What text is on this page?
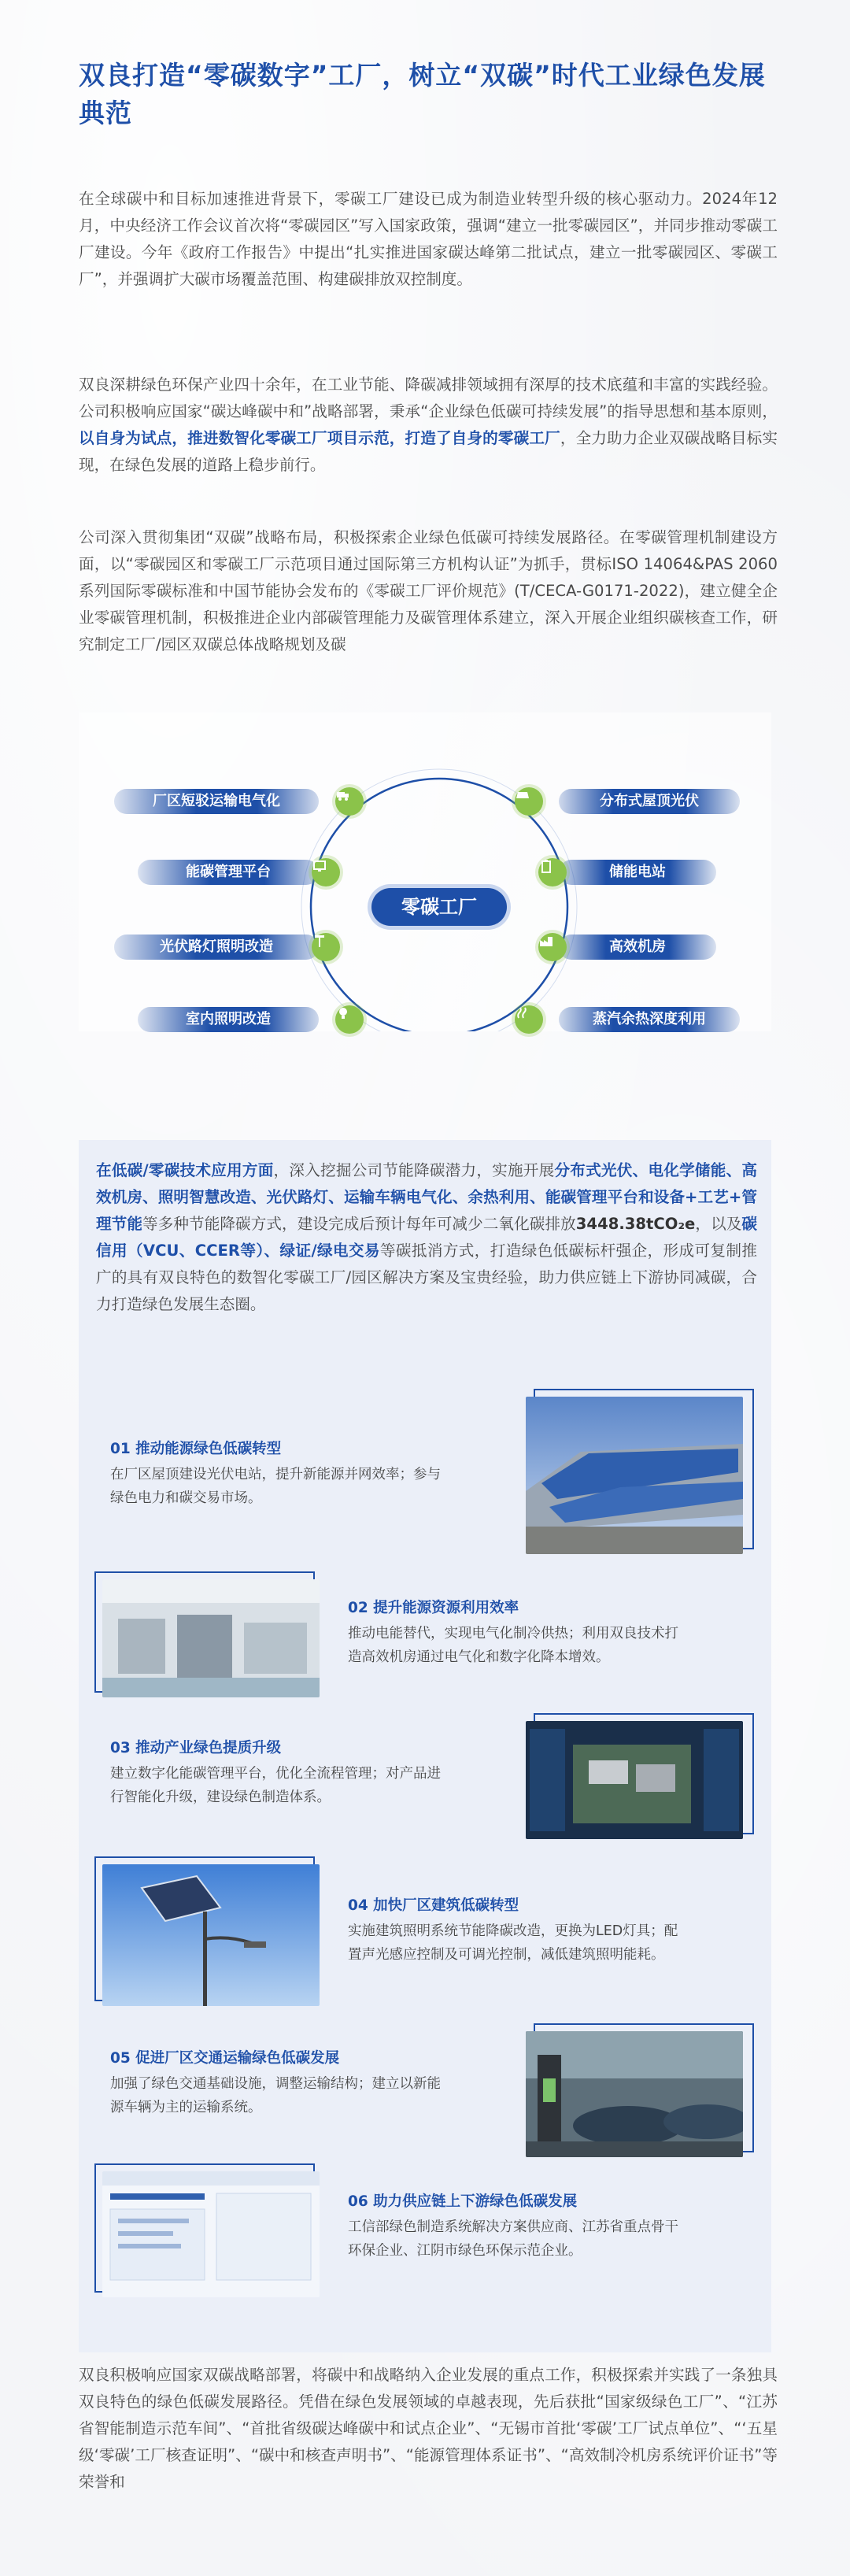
双良打造“零碳数字”工厂，树立“双碳”时代工业绿色发展典范
在全球碳中和目标加速推进背景下，零碳工厂建设已成为制造业转型升级的核心驱动力。2024年12月，中央经济工作会议首次将“零碳园区”写入国家政策，强调“建立一批零碳园区”，并同步推动零碳工厂建设。今年《政府工作报告》中提出“扎实推进国家碳达峰第二批试点，建立一批零碳园区、零碳工厂”，并强调扩大碳市场覆盖范围、构建碳排放双控制度。
双良深耕绿色环保产业四十余年，在工业节能、降碳减排领域拥有深厚的技术底蕴和丰富的实践经验。公司积极响应国家“碳达峰碳中和”战略部署，秉承“企业绿色低碳可持续发展”的指导思想和基本原则，以自身为试点，推进数智化零碳工厂项目示范，打造了自身的零碳工厂，全力助力企业双碳战略目标实现，在绿色发展的道路上稳步前行。
公司深入贯彻集团“双碳”战略布局，积极探索企业绿色低碳可持续发展路径。在零碳管理机制建设方面，以“零碳园区和零碳工厂示范项目通过国际第三方机构认证”为抓手，贯标ISO 14064&PAS 2060系列国际零碳标准和中国节能协会发布的《零碳工厂评价规范》(T/CECA-G0171-2022)，建立健全企业零碳管理机制，积极推进企业内部碳管理能力及碳管理体系建立，深入开展企业组织碳核查工作，研究制定工厂/园区双碳总体战略规划及碳
厂区短驳运输电气化
能碳管理平台
光伏路灯照明改造
室内照明改造
分布式屋顶光伏
储能电站
高效机房
蒸汽余热深度利用
零碳工厂
在低碳/零碳技术应用方面，深入挖掘公司节能降碳潜力，实施开展分布式光伏、电化学储能、高效机房、照明智慧改造、光伏路灯、运输车辆电气化、余热利用、能碳管理平台和设备+工艺+管理节能等多种节能降碳方式，建设完成后预计每年可减少二氧化碳排放3448.38tCO₂e，以及碳信用（VCU、CCER等）、绿证/绿电交易等碳抵消方式，打造绿色低碳标杆强企，形成可复制推广的具有双良特色的数智化零碳工厂/园区解决方案及宝贵经验，助力供应链上下游协同减碳，合力打造绿色发展生态圈。
01 推动能源绿色低碳转型
在厂区屋顶建设光伏电站，提升新能源并网效率；参与
绿色电力和碳交易市场。
02 提升能源资源利用效率
推动电能替代，实现电气化制冷供热；利用双良技术打
造高效机房通过电气化和数字化降本增效。
03 推动产业绿色提质升级
建立数字化能碳管理平台，优化全流程管理；对产品进
行智能化升级，建设绿色制造体系。
04 加快厂区建筑低碳转型
实施建筑照明系统节能降碳改造，更换为LED灯具；配
置声光感应控制及可调光控制，减低建筑照明能耗。
05 促进厂区交通运输绿色低碳发展
加强了绿色交通基础设施，调整运输结构；建立以新能
源车辆为主的运输系统。
06 助力供应链上下游绿色低碳发展
工信部绿色制造系统解决方案供应商、江苏省重点骨干
环保企业、江阴市绿色环保示范企业。
双良积极响应国家双碳战略部署，将碳中和战略纳入企业发展的重点工作，积极探索并实践了一条独具双良特色的绿色低碳发展路径。凭借在绿色发展领域的卓越表现，先后获批“国家级绿色工厂”、“江苏省智能制造示范车间”、“首批省级碳达峰碳中和试点企业”、“无锡市首批‘零碳’工厂试点单位”、“‘五星级‘零碳’工厂核查证明”、“碳中和核查声明书”、“能源管理体系证书”、“高效制冷机房系统评价证书”等荣誉和
